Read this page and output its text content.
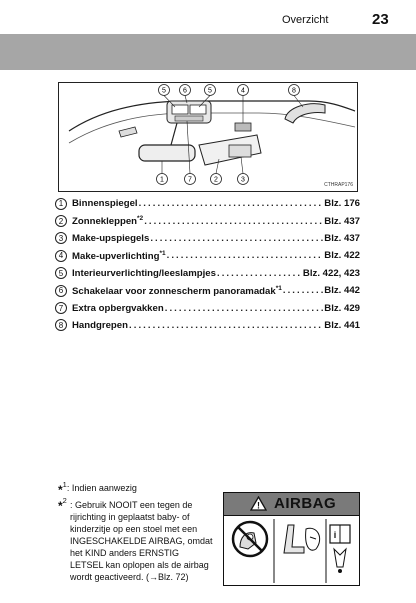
Overzicht	23
5 6	5	4	8
1	7	2	3
CTHRAP176
1 Binnenspiegel . . .	Blz. 176
2 Zonnekleppen$^{*2}$ . . .	Blz. 437
3 Make-upspiegels . . .	Blz. 437
4 Make-upverlichting$^{*1}$ . . .	Blz. 422
5 Interieurverlichting/leeslampjes . . .	Blz. 422, 423
6 Schakelaar voor zonnescherm panoramadak$^{*1}$ . . .	Blz. 442
7 Extra opbergvakken . . .	Blz. 429
8 Handgrepen . . .	Blz. 441
*$^1$: Indien aanwezig
*$^2$ : Gebruik NOOIT een tegen de rijrichting in geplaatst baby- of kinderzitje op een stoel met een INGESCHAKELDE AIRBAG, omdat het KIND anders ERNSTIG LETSEL kan oplopen als de airbag wordt geactiveerd. (→Blz. 72)
! AIRBAG
i
